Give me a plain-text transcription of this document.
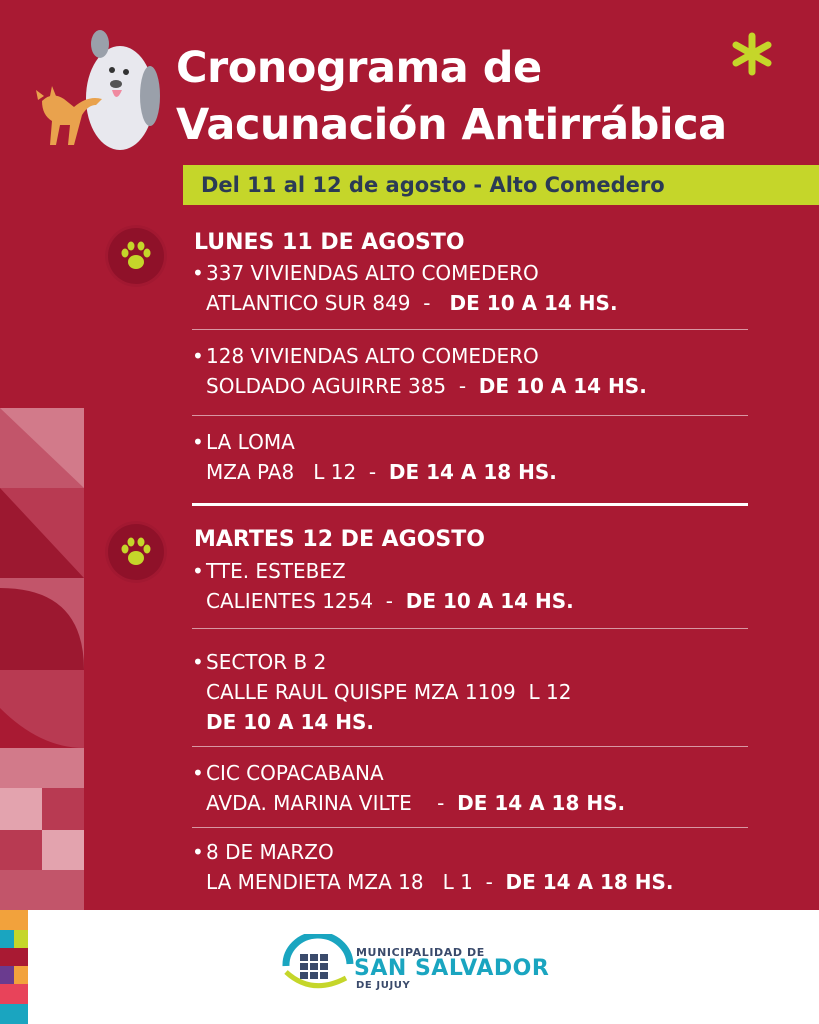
Cronograma de
Vacunación Antirrábica
Del 11 al 12 de agosto - Alto Comedero
LUNES 11 DE AGOSTO
• 337 VIVIENDAS ALTO COMEDERO
ATLANTICO SUR 849  -   DE 10 A 14 HS.
• 128 VIVIENDAS ALTO COMEDERO
SOLDADO AGUIRRE 385  -  DE 10 A 14 HS.
• LA LOMA
MZA PA8   L 12  -  DE 14 A 18 HS.
MARTES 12 DE AGOSTO
• TTE. ESTEBEZ
CALIENTES 1254  -  DE 10 A 14 HS.
• SECTOR B 2
CALLE RAUL QUISPE MZA 1109  L 12
DE 10 A 14 HS.
• CIC COPACABANA
AVDA. MARINA VILTE    -  DE 14 A 18 HS.
• 8 DE MARZO
LA MENDIETA MZA 18   L 1  -  DE 14 A 18 HS.
MUNICIPALIDAD DE
SAN SALVADOR
DE JUJUY
